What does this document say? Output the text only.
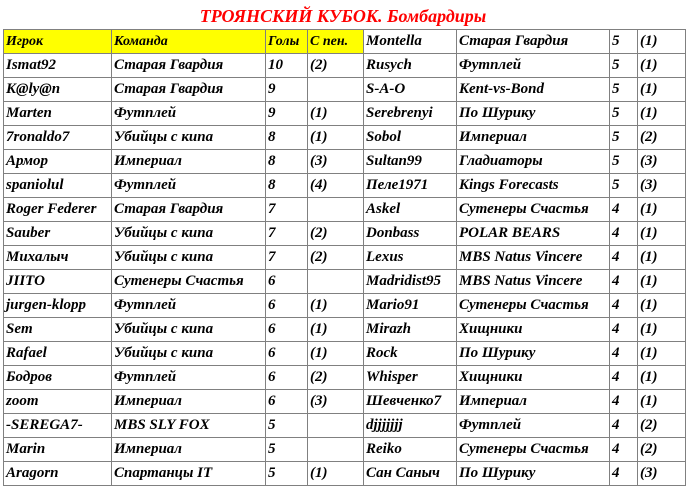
ТРОЯНСКИЙ КУБОК. Бомбардиры
Игрок	Команда	Голы	С пен.
Ismat92	Старая Гвардия	10	(2)
K@ly@n	Старая Гвардия	9	
Marten	Футплей	9	(1)
7ronaldo7	Убийцы с кипа	8	(1)
Армор	Империал	8	(3)
spaniolul	Футплей	8	(4)
Roger Federer	Старая Гвардия	7	
Sauber	Убийцы с кипа	7	(2)
Михалыч	Убийцы с кипа	7	(2)
JIITO	Сутенеры Счастья	6	
jurgen-klopp	Футплей	6	(1)
Sem	Убийцы с кипа	6	(1)
Rafael	Убийцы с кипа	6	(1)
Бодров	Футплей	6	(2)
zoom	Империал	6	(3)
-SEREGA7-	MBS SLY FOX	5	
Marin	Империал	5	
Aragorn	Спартанцы IT	5	(1)
Montella	Старая Гвардия	5	(1)
Rusych	Футплей	5	(1)
S-A-O	Kent-vs-Bond	5	(1)
Serebrenyi	По Шурику	5	(1)
Sobol	Империал	5	(2)
Sultan99	Гладиаторы	5	(3)
Пеле1971	Kings Forecasts	5	(3)
Askel	Сутенеры Счастья	4	(1)
Donbass	POLAR BEARS	4	(1)
Lexus	MBS Natus Vincere	4	(1)
Madridist95	MBS Natus Vincere	4	(1)
Mario91	Сутенеры Счастья	4	(1)
Mirazh	Хищники	4	(1)
Rock	По Шурику	4	(1)
Whisper	Хищники	4	(1)
Шевченко7	Империал	4	(1)
djjjjjjj	Футплей	4	(2)
Reiko	Сутенеры Счастья	4	(2)
Сан Саныч	По Шурику	4	(3)
